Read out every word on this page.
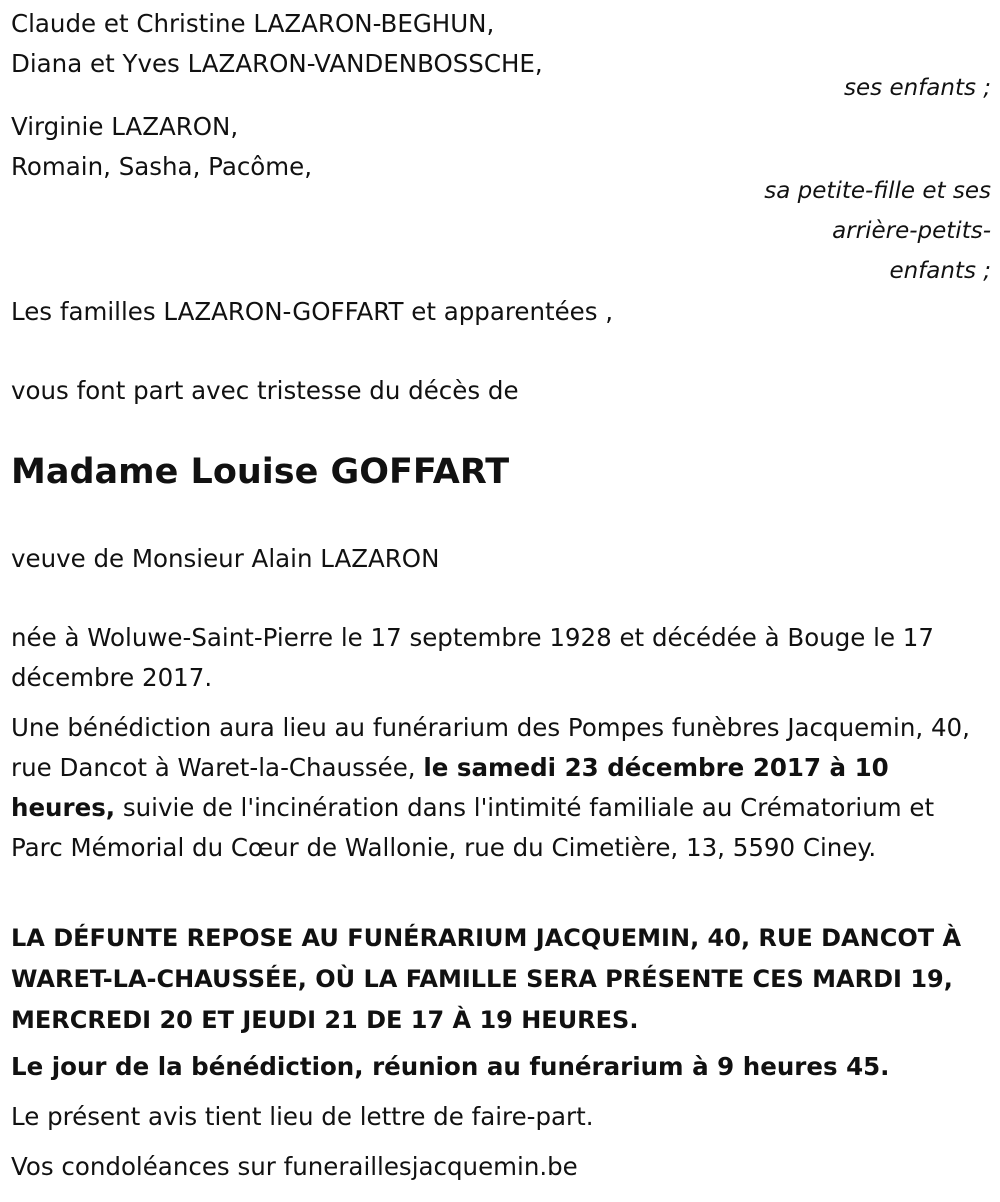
Claude et Christine LAZARON-BEGHUN,
Diana et Yves LAZARON-VANDENBOSSCHE,
ses enfants ;
Virginie LAZARON,
Romain, Sasha, Pacôme,
sa petite-fille et ses
arrière-petits-
enfants ;
Les familles LAZARON-GOFFART et apparentées ,
vous font part avec tristesse du décès de
Madame Louise GOFFART
veuve de Monsieur Alain LAZARON
née à Woluwe-Saint-Pierre le 17 septembre 1928 et décédée à Bouge le 17 décembre 2017.
Une bénédiction aura lieu au funérarium des Pompes funèbres Jacquemin, 40, rue Dancot à Waret-la-Chaussée, le samedi 23 décembre 2017 à 10 heures, suivie de l'incinération dans l'intimité familiale au Crématorium et Parc Mémorial du Cœur de Wallonie, rue du Cimetière, 13, 5590 Ciney.
LA DÉFUNTE REPOSE AU FUNÉRARIUM JACQUEMIN, 40, RUE DANCOT À WARET-LA-CHAUSSÉE, OÙ LA FAMILLE SERA PRÉSENTE CES MARDI 19, MERCREDI 20 ET JEUDI 21 DE 17 À 19 HEURES.
Le jour de la bénédiction, réunion au funérarium à 9 heures 45.
Le présent avis tient lieu de lettre de faire-part.
Vos condoléances sur funeraillesjacquemin.be
